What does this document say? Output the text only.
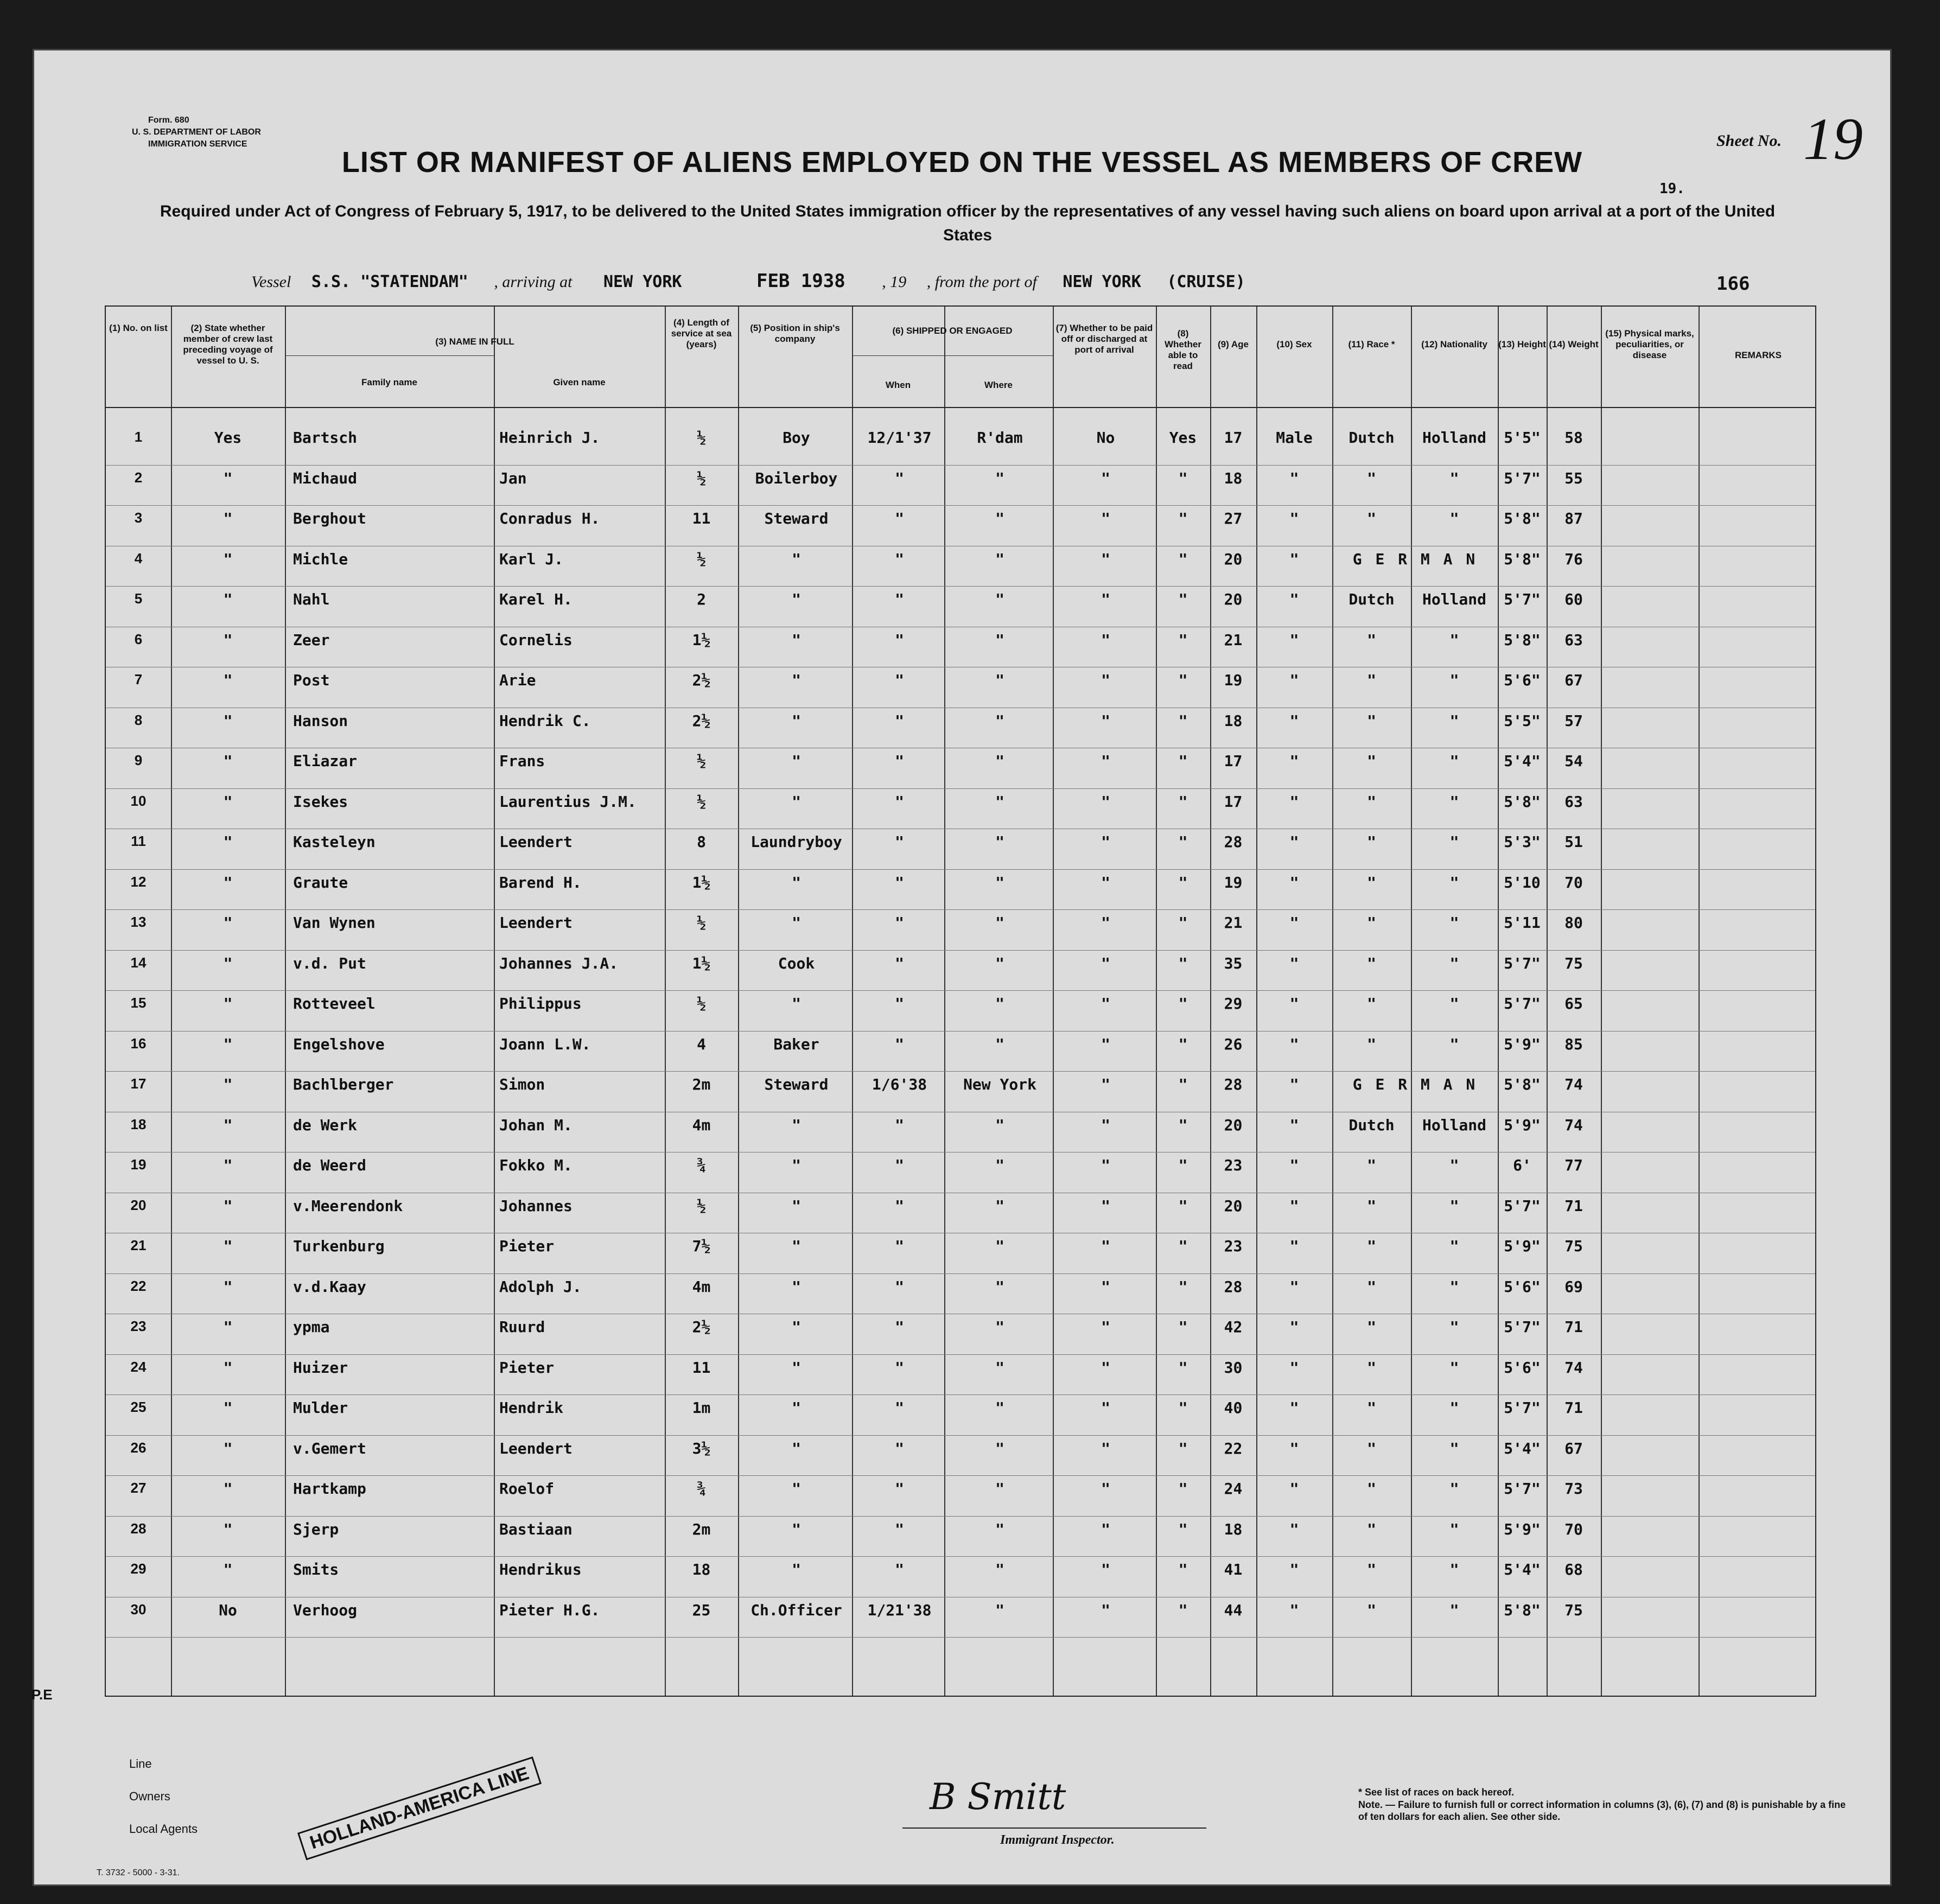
Form. 680
U. S. DEPARTMENT OF LABOR
IMMIGRATION SERVICE	Sheet No. 19
LIST OR MANIFEST OF ALIENS EMPLOYED ON THE VESSEL AS MEMBERS OF CREW
Required under Act of Congress of February 5, 1917, to be delivered to the United States immigration officer by the representatives of any vessel having such aliens on board upon arrival at a port of the United States
19.
Vessel S.S. "STATENDAM" , arriving at NEW YORK	FEB 1938 , 19 , from the port of NEW YORK (CRUISE)	166
(1) No. on list	(2) State whether member of crew last preceding voyage of vessel to U. S.
(3) NAME IN FULL
Family name	Given name
(4) Length of service at sea (years)
(5) Position in ship's company
(6) SHIPPED OR ENGAGED
When	Where
(7) Whether to be paid off or discharged at port of arrival
(8) Whether able to read
(9) Age	(10) Sex	(11) Race *	(12) Nationality	(13) Height (14) Weight
(15) Physical marks, peculiarities, or disease	REMARKS
1	Yes	Bartsch	Heinrich J.	½	Boy	12/1'37	R'dam	No	Yes	17	Male	Dutch	Holland	5'5"	58
2	"	Michaud	Jan	½	Boilerboy	"	"	"	"	18	"	"	"	5'7"	55
3	"	Berghout	Conradus H.	11	Steward	"	"	"	"	27	"	"	"	5'8"	87
4	"	Michle	Karl J.	½	"	"	"	"	"	20	"	G E R M A N	5'8"	76
5	"	Nahl	Karel H.	2	"	"	"	"	"	20	"	Dutch	Holland	5'7"	60
6	"	Zeer	Cornelis	1½	"	"	"	"	"	21	"	"	"	5'8"	63
7	"	Post	Arie	2½	"	"	"	"	"	19	"	"	"	5'6"	67
8	"	Hanson	Hendrik C.	2½	"	"	"	"	"	18	"	"	"	5'5"	57
9	"	Eliazar	Frans	½	"	"	"	"	"	17	"	"	"	5'4"	54
10	"	Isekes	Laurentius J.M.	½	"	"	"	"	"	17	"	"	"	5'8"	63
11	"	Kasteleyn	Leendert	8	Laundryboy	"	"	"	"	28	"	"	"	5'3"	51
12	"	Graute	Barend H.	1½	"	"	"	"	"	19	"	"	"	5'10	70
13	"	Van Wynen	Leendert	½	"	"	"	"	"	21	"	"	"	5'11	80
14	"	v.d. Put	Johannes J.A.	1½	Cook	"	"	"	"	35	"	"	"	5'7"	75
15	"	Rotteveel	Philippus	½	"	"	"	"	"	29	"	"	"	5'7"	65
16	"	Engelshove	Joann L.W.	4	Baker	"	"	"	"	26	"	"	"	5'9"	85
17	"	Bachlberger	Simon	2m	Steward	1/6'38	New York	"	"	28	"	G E R M A N	5'8"	74
18	"	de Werk	Johan M.	4m	"	"	"	"	"	20	"	Dutch	Holland	5'9"	74
19	"	de Weerd	Fokko M.	¾	"	"	"	"	"	23	"	"	"	6'	77
20	"	v.Meerendonk	Johannes	½	"	"	"	"	"	20	"	"	"	5'7"	71
21	"	Turkenburg	Pieter	7½	"	"	"	"	"	23	"	"	"	5'9"	75
22	"	v.d.Kaay	Adolph J.	4m	"	"	"	"	"	28	"	"	"	5'6"	69
23	"	ypma	Ruurd	2½	"	"	"	"	"	42	"	"	"	5'7"	71
24	"	Huizer	Pieter	11	"	"	"	"	"	30	"	"	"	5'6"	74
25	"	Mulder	Hendrik	1m	"	"	"	"	"	40	"	"	"	5'7"	71
26	"	v.Gemert	Leendert	3½	"	"	"	"	"	22	"	"	"	5'4"	67
27	"	Hartkamp	Roelof	¾	"	"	"	"	"	24	"	"	"	5'7"	73
28	"	Sjerp	Bastiaan	2m	"	"	"	"	"	18	"	"	"	5'9"	70
29	"	Smits	Hendrikus	18	"	"	"	"	"	41	"	"	"	5'4"	68
30	No	Verhoog	Pieter H.G.	25	Ch.Officer	1/21'38	"	"	"	44	"	"	"	5'8"	75
P.E
Line
Owners
Local Agents	HOLLAND-AMERICA LINE	B Smitt
Immigrant Inspector.
* See list of races on back hereof.
Note. — Failure to furnish full or correct information in columns (3), (6), (7) and (8) is punishable by a fine of ten dollars for each alien. See other side.
T. 3732 - 5000 - 3-31.
